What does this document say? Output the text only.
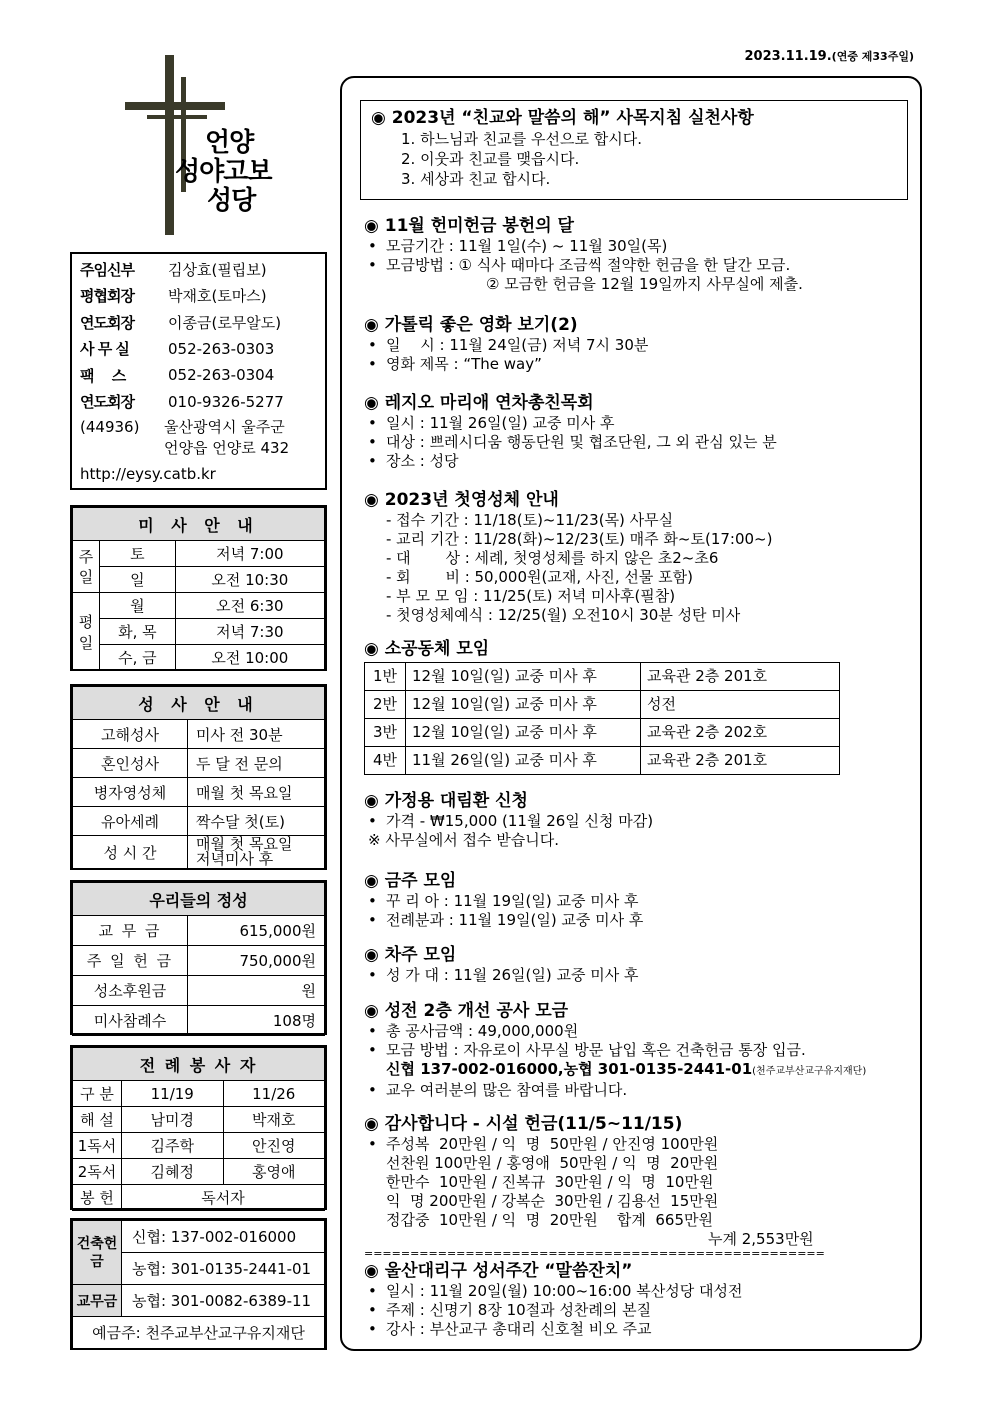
2023.11.19.(연중 제33주일)
언양
성야고보
성당
주임신부	김상효(필립보)
평협회장	박재호(토마스)
연도회장	이종금(로무알도)
사 무 실	052-263-0303
팩　 스	052-263-0304
연도회장	010-9326-5277
(44936)	울산광역시 울주군
언양읍 언양로 432
http://eysy.catb.kr
미 사 안 내		
주일	토	저녁 7:00
	일	오전 10:30
평일	월	오전 6:30
	화, 목	저녁 7:30
	수, 금	오전 10:00
성 사 안 내	
고해성사	미사 전 30분
혼인성사	두 달 전 문의
병자영성체	매월 첫 목요일
유아세례	짝수달 첫(토)
성 시 간	매월 첫 목요일
저녁미사 후
우리들의 정성	
교 무 금	615,000원
주 일 헌 금	750,000원
성소후원금	원
미사참례수	108명
전 례 봉 사 자		
구 분	11/19	11/26
해 설	남미경	박재호
1독서	김주학	안진영
2독서	김혜정	홍영애
봉 헌	독서자	
건축헌금	신협: 137-002-016000
	농협: 301-0135-2441-01
교무금	농협: 301-0082-6389-11
예금주: 천주교부산교구유지재단	
◉ 2023년 “친교와 말씀의 해” 사목지침 실천사항
1. 하느님과 친교를 우선으로 합시다.
2. 이웃과 친교를 맺읍시다.
3. 세상과 친교 합시다.
◉ 11월 헌미헌금 봉헌의 달
• 모금기간 : 11월 1일(수) ~ 11월 30일(목)
• 모금방법 : ① 식사 때마다 조금씩 절약한 헌금을 한 달간 모금.
② 모금한 헌금을 12월 19일까지 사무실에 제출.
◉ 가톨릭 좋은 영화 보기(2)
• 일　 시 : 11월 24일(금) 저녁 7시 30분
• 영화 제목 : “The way”
◉ 레지오 마리애 연차총친목회
• 일시 : 11월 26일(일) 교중 미사 후
• 대상 : 쁘레시디움 행동단원 및 협조단원, 그 외 관심 있는 분
• 장소 : 성당
◉ 2023년 첫영성체 안내
- 접수 기간 : 11/18(토)~11/23(목) 사무실
- 교리 기간 : 11/28(화)~12/23(토) 매주 화~토(17:00~)
- 대　　 상 : 세례, 첫영성체를 하지 않은 초2~초6
- 회　　 비 : 50,000원(교재, 사진, 선물 포함)
- 부 모 모 임 : 11/25(토) 저녁 미사후(필참)
- 첫영성체예식 : 12/25(월) 오전10시 30분 성탄 미사
◉ 소공동체 모임
1반	12월 10일(일) 교중 미사 후	교육관 2층 201호
2반	12월 10일(일) 교중 미사 후	성전
3반	12월 10일(일) 교중 미사 후	교육관 2층 202호
4반	11월 26일(일) 교중 미사 후	교육관 2층 201호
◉ 가정용 대림환 신청
• 가격 - ₩15,000 (11월 26일 신청 마감)
※ 사무실에서 접수 받습니다.
◉ 금주 모임
• 꾸 리 아 : 11월 19일(일) 교중 미사 후
• 전례분과 : 11월 19일(일) 교중 미사 후
◉ 차주 모임
• 성 가 대 : 11월 26일(일) 교중 미사 후
◉ 성전 2층 개선 공사 모금
• 총 공사금액 : 49,000,000원
• 모금 방법 : 자유로이 사무실 방문 납입 혹은 건축헌금 통장 입금.
신협 137-002-016000,농협 301-0135-2441-01(천주교부산교구유지재단)
• 교우 여러분의 많은 참여를 바랍니다.
◉ 감사합니다 - 시설 헌금(11/5~11/15)
• 주성복  20만원 / 익  명  50만원 / 안진영 100만원
선찬원 100만원 / 홍영애  50만원 / 익  명  20만원
한만수  10만원 / 진복규  30만원 / 익  명  10만원
익  명 200만원 / 강복순  30만원 / 김용선  15만원
정갑중  10만원 / 익  명  20만원    합계  665만원
누계 2,553만원
==================================================
◉ 울산대리구 성서주간 “말씀잔치”
• 일시 : 11월 20일(월) 10:00~16:00 복산성당 대성전
• 주제 : 신명기 8장 10절과 성찬례의 본질
• 강사 : 부산교구 총대리 신호철 비오 주교
